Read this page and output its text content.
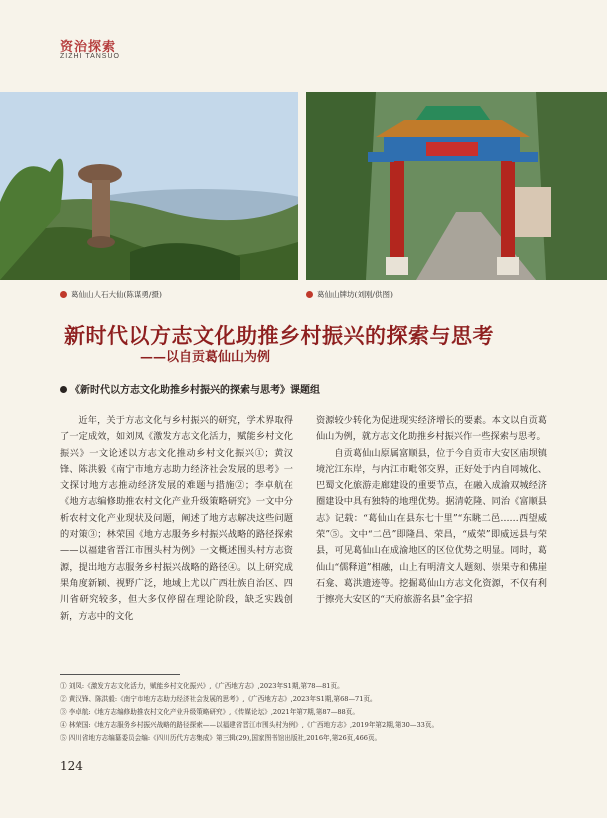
资治探索
ZIZHI TANSUO
葛仙山人石大仙(陈谋勇/摄)	葛仙山牌坊(刘刚/供图)
新时代以方志文化助推乡村振兴的探索与思考
——以自贡葛仙山为例
《新时代以方志文化助推乡村振兴的探索与思考》课题组

近年，关于方志文化与乡村振兴的研究，学术界取得了一定成效，如刘凤《激发方志文化活力，赋能乡村文化振兴》一文论述以方志文化推动乡村文化振兴①；黄汉锋、陈洪毅《南宁市地方志助力经济社会发展的思考》一文探讨地方志推动经济发展的难题与措施②；李卓航在《地方志编修助推农村文化产业升级策略研究》一文中分析农村文化产业现状及问题，阐述了地方志解决这些问题的对策③；林荣国《地方志服务乡村振兴战略的路径探索——以福建省晋江市围头村为例》一文概述围头村方志资源，提出地方志服务乡村振兴战略的路径④。以上研究成果角度新颖、视野广泛，地域上尤以广西壮族自治区、四川省研究较多，但大多仅停留在理论阶段，缺乏实践创新，方志中的文化

资源较少转化为促进现实经济增长的要素。本文以自贡葛仙山为例，就方志文化助推乡村振兴作一些探索与思考。

自贡葛仙山原属富顺县，位于今自贡市大安区庙坝镇境沱江东岸，与内江市毗邻交界，正好处于内自同城化、巴蜀文化旅游走廊建设的重要节点，在融入成渝双城经济圈建设中具有独特的地理优势。据清乾隆、同治《富顺县志》记载：“葛仙山在县东七十里”“东眺二邑……西望威荣”⑤。文中“二邑”即隆昌、荣昌，“威荣”即威远县与荣县，可见葛仙山在成渝地区的区位优势之明显。同时，葛仙山“儒释道”相融，山上有明清文人题刻、崇果寺和佛崖石龛、葛洪遗迹等。挖掘葛仙山方志文化资源，不仅有利于擦亮大安区的“天府旅游名县”金字招

① 刘凤:《激发方志文化活力，赋能乡村文化振兴》,《广西地方志》,2023年S1期,第78—81页。
② 黄汉锋、陈洪毅:《南宁市地方志助力经济社会发展的思考》,《广西地方志》,2023年S1期,第68—71页。
③ 李卓航:《地方志编修助推农村文化产业升级策略研究》,《传媒论坛》,2021年第7期,第87—88页。
④ 林荣国:《地方志服务乡村振兴战略的路径探索——以福建省晋江市围头村为例》,《广西地方志》,2019年第2期,第30—33页。
⑤ 四川省地方志编纂委员会编:《四川历代方志集成》第三辑(29),国家图书馆出版社,2016年,第26页,466页。
124
